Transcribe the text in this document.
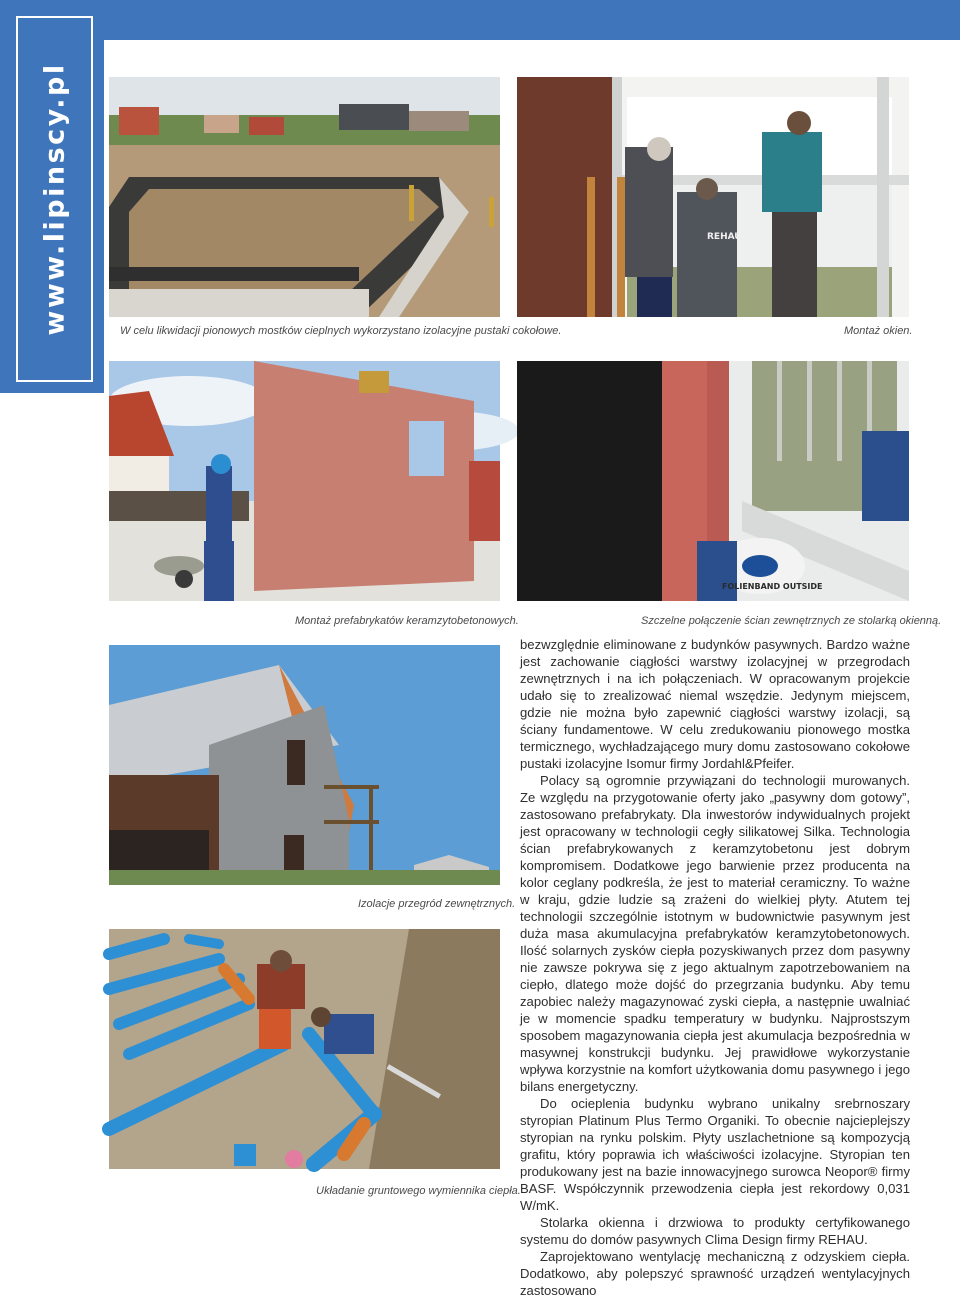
www.lipinscy.pl	W celu likwidacji pionowych mostków cieplnych wykorzystano izolacyjne pustaki cokołowe.
REHAU
Montaż okien.
Montaż prefabrykatów keramzytobetonowych.
FOLIENBAND OUTSIDE
Szczelne połączenie ścian zewnętrznych ze stolarką okienną.
Izolacje przegród zewnętrznych.
Układanie gruntowego wymiennika ciepła.

bezwzględnie eliminowane z budynków pasywnych. Bardzo ważne jest zachowanie ciągłości warstwy izolacyjnej w przegrodach zewnętrznych i na ich połączeniach. W opracowanym projekcie udało się to zrealizować niemal wszędzie. Jedynym miejscem, gdzie nie można było zapewnić ciągłości warstwy izolacji, są ściany fundamentowe. W celu zredukowaniu pionowego mostka termicznego, wychładzającego mury domu zastosowano cokołowe pustaki izolacyjne Isomur firmy Jordahl&Pfeifer.

Polacy są ogromnie przywiązani do technologii murowanych. Ze względu na przygotowanie oferty jako „pasywny dom gotowy”, zastosowano prefabrykaty. Dla inwestorów indywidualnych projekt jest opracowany w technologii cegły silikatowej Silka. Technologia ścian prefabrykowanych z keramzytobetonu jest dobrym kompromisem. Dodatkowe jego barwienie przez producenta na kolor ceglany podkreśla, że jest to materiał ceramiczny. To ważne w kraju, gdzie ludzie są zrażeni do wielkiej płyty. Atutem tej technologii szczególnie istotnym w budownictwie pasywnym jest duża masa akumulacyjna prefabrykatów keramzytobetonowych. Ilość solarnych zysków ciepła pozyskiwanych przez dom pasywny nie zawsze pokrywa się z jego aktualnym zapotrzebowaniem na ciepło, dlatego może dojść do przegrzania budynku. Aby temu zapobiec należy magazynować zyski ciepła, a następnie uwalniać je w momencie spadku temperatury w budynku. Najprostszym sposobem magazynowania ciepła jest akumulacja bezpośrednia w masywnej konstrukcji budynku. Jej prawidłowe wykorzystanie wpływa korzystnie na komfort użytkowania domu pasywnego i jego bilans energetyczny.

Do ocieplenia budynku wybrano unikalny srebrnoszary styropian Platinum Plus Termo Organiki. To obecnie najcieplejszy styropian na rynku polskim. Płyty uszlachetnione są kompozycją grafitu, który poprawia ich właściwości izolacyjne. Styropian ten produkowany jest na bazie innowacyjnego surowca Neopor® firmy BASF. Współczynnik przewodzenia ciepła jest rekordowy 0,031 W/mK.

Stolarka okienna i drzwiowa to produkty certyfikowanego systemu do domów pasywnych Clima Design firmy REHAU.

Zaprojektowano wentylację mechaniczną z odzyskiem ciepła. Dodatkowo, aby polepszyć sprawność urządzeń wentylacyjnych zastosowano
